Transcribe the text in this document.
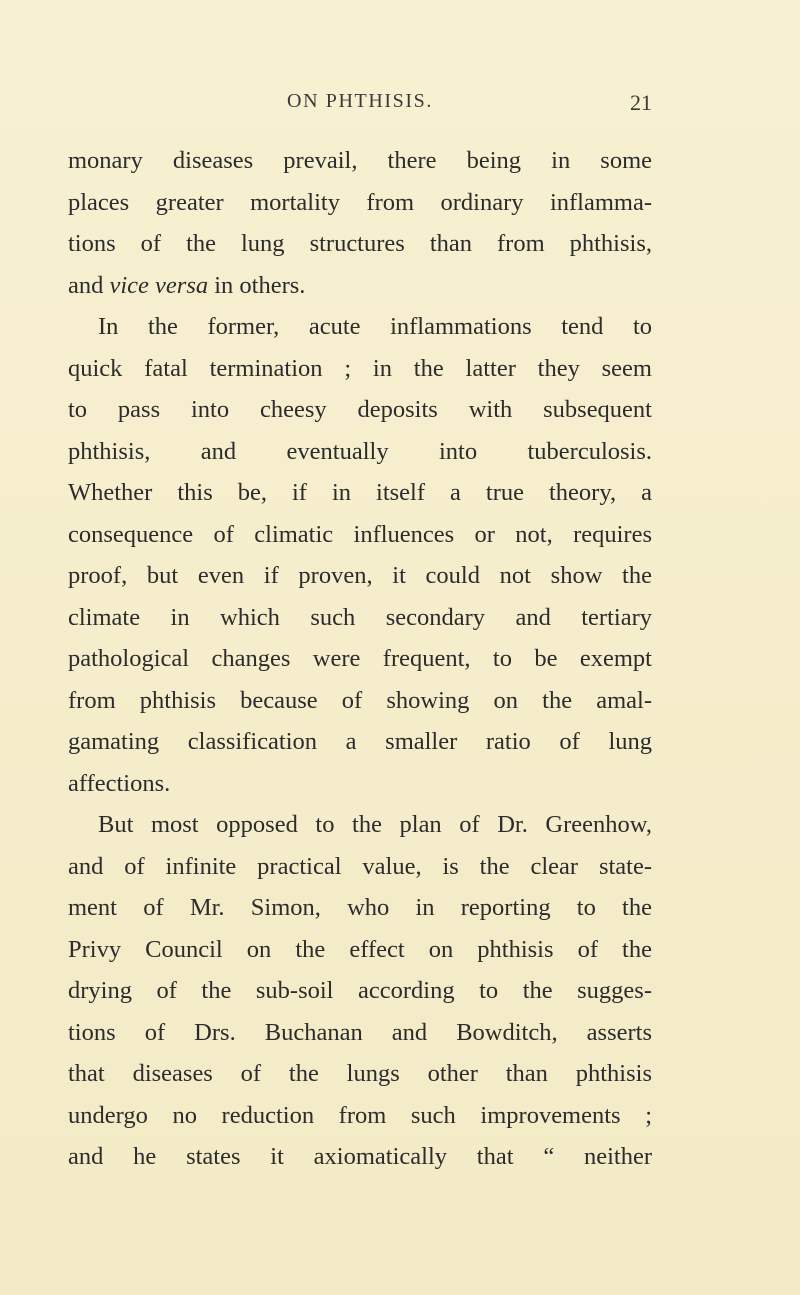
ON PHTHISIS.	21
monary diseases prevail, there being in some
places greater mortality from ordinary inflamma-
tions of the lung structures than from phthisis,
and vice versa in others.
In the former, acute inflammations tend to
quick fatal termination ; in the latter they seem
to pass into cheesy deposits with subsequent
phthisis, and eventually into tuberculosis.
Whether this be, if in itself a true theory, a
consequence of climatic influences or not, requires
proof, but even if proven, it could not show the
climate in which such secondary and tertiary
pathological changes were frequent, to be exempt
from phthisis because of showing on the amal-
gamating classification a smaller ratio of lung
affections.
But most opposed to the plan of Dr. Greenhow,
and of infinite practical value, is the clear state-
ment of Mr. Simon, who in reporting to the
Privy Council on the effect on phthisis of the
drying of the sub-soil according to the sugges-
tions of Drs. Buchanan and Bowditch, asserts
that diseases of the lungs other than phthisis
undergo no reduction from such improvements ;
and he states it axiomatically that “ neither
